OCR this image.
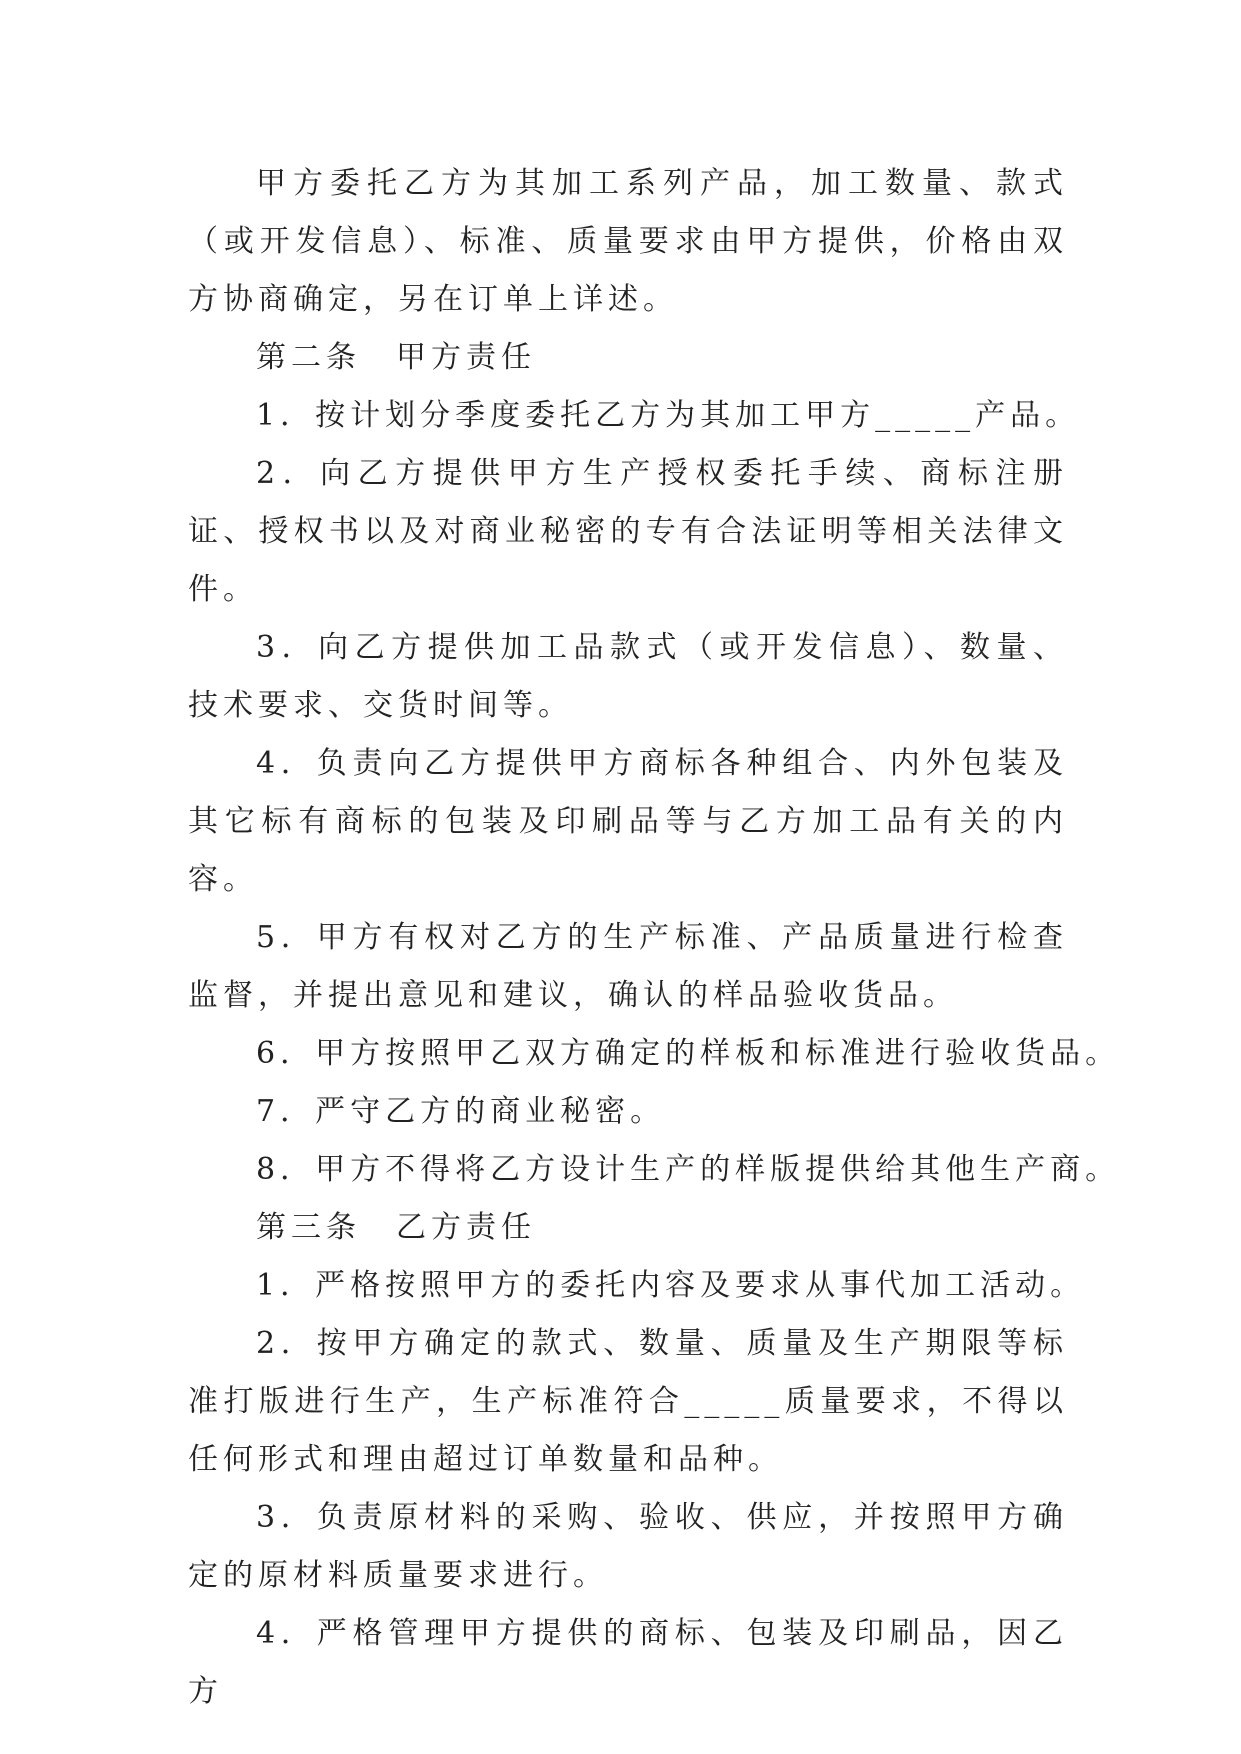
甲方委托乙方为其加工系列产品，加工数量、款式（或开发信息）、标准、质量要求由甲方提供，价格由双方协商确定，另在订单上详述。

第二条　甲方责任

1．按计划分季度委托乙方为其加工甲方_____产品。

2．向乙方提供甲方生产授权委托手续、商标注册证、授权书以及对商业秘密的专有合法证明等相关法律文件。

3．向乙方提供加工品款式（或开发信息）、数量、技术要求、交货时间等。

4．负责向乙方提供甲方商标各种组合、内外包装及其它标有商标的包装及印刷品等与乙方加工品有关的内容。

5．甲方有权对乙方的生产标准、产品质量进行检查监督，并提出意见和建议，确认的样品验收货品。

6．甲方按照甲乙双方确定的样板和标准进行验收货品。

7．严守乙方的商业秘密。

8．甲方不得将乙方设计生产的样版提供给其他生产商。

第三条　乙方责任

1．严格按照甲方的委托内容及要求从事代加工活动。

2．按甲方确定的款式、数量、质量及生产期限等标准打版进行生产，生产标准符合_____质量要求，不得以任何形式和理由超过订单数量和品种。

3．负责原材料的采购、验收、供应，并按照甲方确定的原材料质量要求进行。

4．严格管理甲方提供的商标、包装及印刷品，因乙方
